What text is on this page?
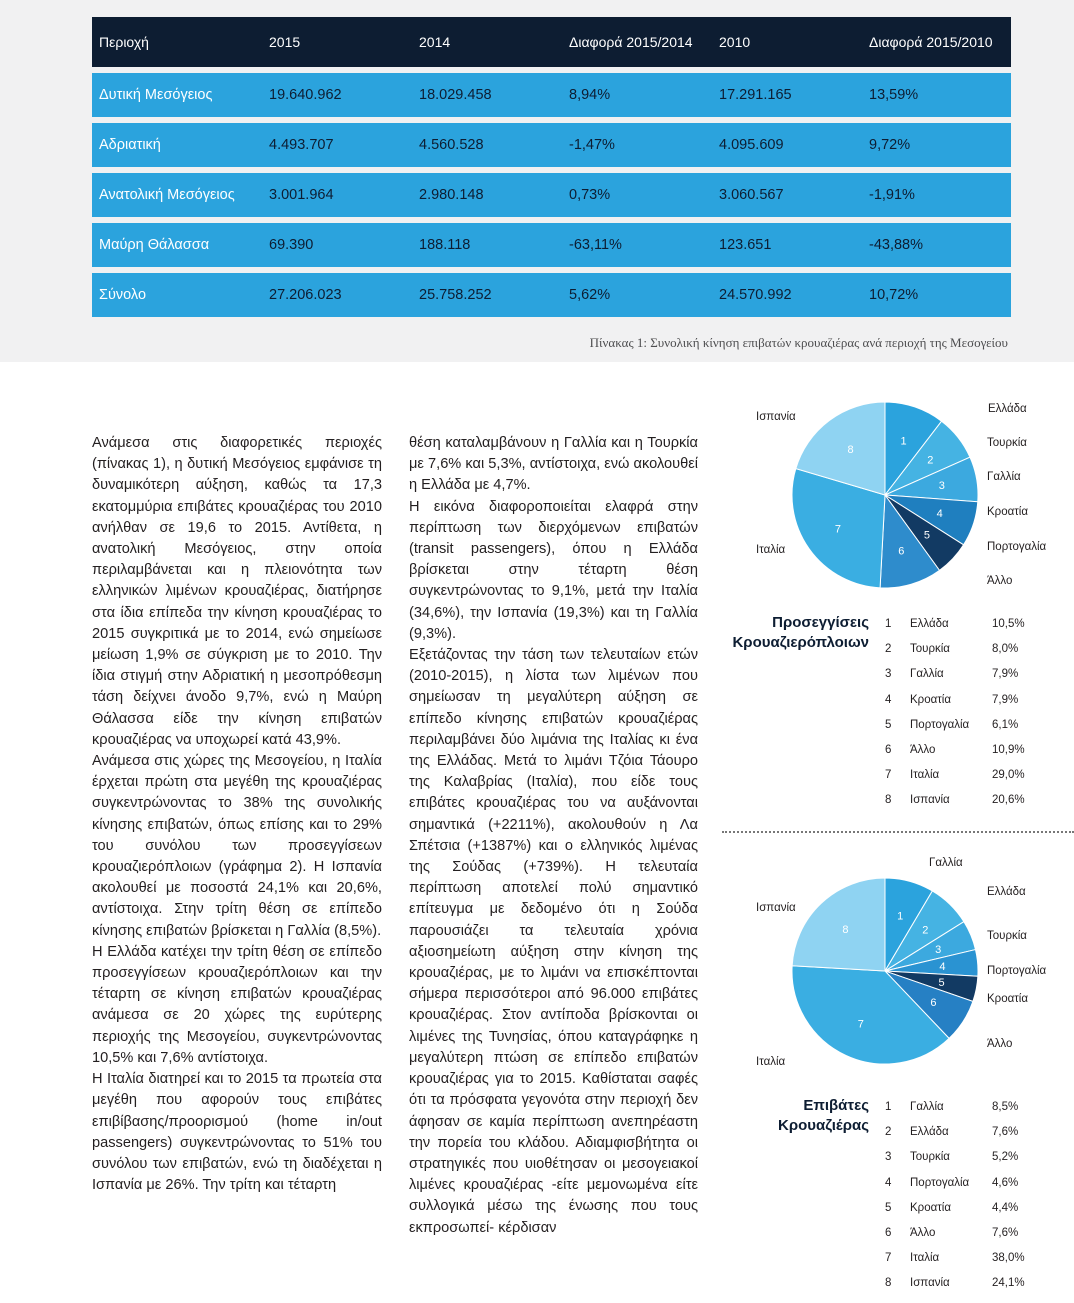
Περιοχή	2015	2014	Διαφορά 2015/2014	2010	Διαφορά 2015/2010
Δυτική Μεσόγειος	19.640.962	18.029.458	8,94%	17.291.165	13,59%
Αδριατική	4.493.707	4.560.528	-1,47%	4.095.609	9,72%
Ανατολική Μεσόγειος	3.001.964	2.980.148	0,73%	3.060.567	-1,91%
Μαύρη Θάλασσα	69.390	188.118	-63,11%	123.651	-43,88%
Σύνολο	27.206.023	25.758.252	5,62%	24.570.992	10,72%
Πίνακας 1: Συνολική κίνηση επιβατών κρουαζιέρας ανά περιοχή της Μεσογείου

Ανάμεσα στις διαφορετικές περιοχές (πίνακας 1), η δυτική Μεσόγειος εμφάνισε τη δυναμικότερη αύξηση, καθώς τα 17,3 εκατομμύρια επιβάτες κρουαζιέρας του 2010 ανήλθαν σε 19,6 το 2015. Αντίθετα, η ανατολική Μεσόγειος, στην οποία περιλαμβάνεται και η πλειονότητα των ελληνικών λιμένων κρουαζιέρας, διατήρησε στα ίδια επίπεδα την κίνηση κρουαζιέρας το 2015 συγκριτικά με το 2014, ενώ σημείωσε μείωση 1,9% σε σύγκριση με το 2010. Την ίδια στιγμή στην Αδριατική η μεσοπρόθεσμη τάση δείχνει άνοδο 9,7%, ενώ η Μαύρη Θάλασσα είδε την κίνηση επιβατών κρουαζιέρας να υποχωρεί κατά 43,9%.

Ανάμεσα στις χώρες της Μεσογείου, η Ιταλία έρχεται πρώτη στα μεγέθη της κρουαζιέρας συγκεντρώνοντας το 38% της συνολικής κίνησης επιβατών, όπως επίσης και το 29% του συνόλου των προσεγγίσεων κρουαζιερόπλοιων (γράφημα 2). Η Ισπανία ακολουθεί με ποσοστά 24,1% και 20,6%, αντίστοιχα. Στην τρίτη θέση σε επίπεδο κίνησης επιβατών βρίσκεται η Γαλλία (8,5%).

Η Ελλάδα κατέχει την τρίτη θέση σε επίπεδο προσεγγίσεων κρουαζιερόπλοιων και την τέταρτη σε κίνηση επιβατών κρουαζιέρας ανάμεσα σε 20 χώρες της ευρύτερης περιοχής της Μεσογείου, συγκεντρώνοντας 10,5% και 7,6% αντίστοιχα.

Η Ιταλία διατηρεί και το 2015 τα πρωτεία στα μεγέθη που αφορούν τους επιβάτες επιβίβασης/προορισμού (home in/out passengers) συγκεντρώνοντας το 51% του συνόλου των επιβατών, ενώ τη διαδέχεται η Ισπανία με 26%. Την τρίτη και τέταρτη

θέση καταλαμβάνουν η Γαλλία και η Τουρκία με 7,6% και 5,3%, αντίστοιχα, ενώ ακολουθεί η Ελλάδα με 4,7%.

Η εικόνα διαφοροποιείται ελαφρά στην περίπτωση των διερχόμενων επιβατών (transit passengers), όπου η Ελλάδα βρίσκεται στην τέταρτη θέση συγκεντρώνοντας το 9,1%, μετά την Ιταλία (34,6%), την Ισπανία (19,3%) και τη Γαλλία (9,3%).

Εξετάζοντας την τάση των τελευταίων ετών (2010-2015), η λίστα των λιμένων που σημείωσαν τη μεγαλύτερη αύξηση σε επίπεδο κίνησης επιβατών κρουαζιέρας περιλαμβάνει δύο λιμάνια της Ιταλίας κι ένα της Ελλάδας. Μετά το λιμάνι Τζόια Τάουρο της Καλαβρίας (Ιταλία), που είδε τους επιβάτες κρουαζιέρας του να αυξάνονται σημαντικά (+2211%), ακολουθούν η Λα Σπέτσια (+1387%) και ο ελληνικός λιμένας της Σούδας (+739%). Η τελευταία περίπτωση αποτελεί πολύ σημαντικό επίτευγμα με δεδομένο ότι η Σούδα παρουσιάζει τα τελευταία χρόνια αξιοσημείωτη αύξηση στην κίνηση της κρουαζιέρας, με το λιμάνι να επισκέπτονται σήμερα περισσότεροι από 96.000 επιβάτες κρουαζιέρας. Στον αντίποδα βρίσκονται οι λιμένες της Τυνησίας, όπου καταγράφηκε η μεγαλύτερη πτώση σε επίπεδο επιβατών κρουαζιέρας για το 2015. Καθίσταται σαφές ότι τα πρόσφατα γεγονότα στην περιοχή δεν άφησαν σε καμία περίπτωση ανεπηρέαστη την πορεία του κλάδου. Αδιαμφισβήτητα οι στρατηγικές που υιοθέτησαν οι μεσογειακοί λιμένες κρουαζιέρας -είτε μεμονωμένα είτε συλλογικά μέσω της ένωσης που τους εκπροσωπεί- κέρδισαν

1
2
3
4
5
6
7
8
Προσεγγίσεις Κρουαζιερόπλοιων
1 Ελλάδα	10,5%
2 Τουρκία	8,0%
3 Γαλλία	7,9%
4 Κροατία	7,9%
5 Πορτογαλία 6,1%
6 Άλλο	10,9%
7 Ιταλία	29,0%
8 Ισπανία	20,6%
Ισπανία
Ελλάδα
Τουρκία
Γαλλία
Κροατία
Πορτογαλία
Άλλο
Ιταλία
1
2
3
4
5
6
7
8
Επιβάτες Κρουαζιέρας
1 Γαλλία	8,5%
2 Ελλάδα	7,6%
3 Τουρκία	5,2%
4 Πορτογαλία 4,6%
5 Κροατία	4,4%
6 Άλλο	7,6%
7 Ιταλία	38,0%
8 Ισπανία	24,1%
Γαλλία
Ελλάδα
Τουρκία
Πορτογαλία
Κροατία
Άλλο
Ιταλία
Ισπανία
